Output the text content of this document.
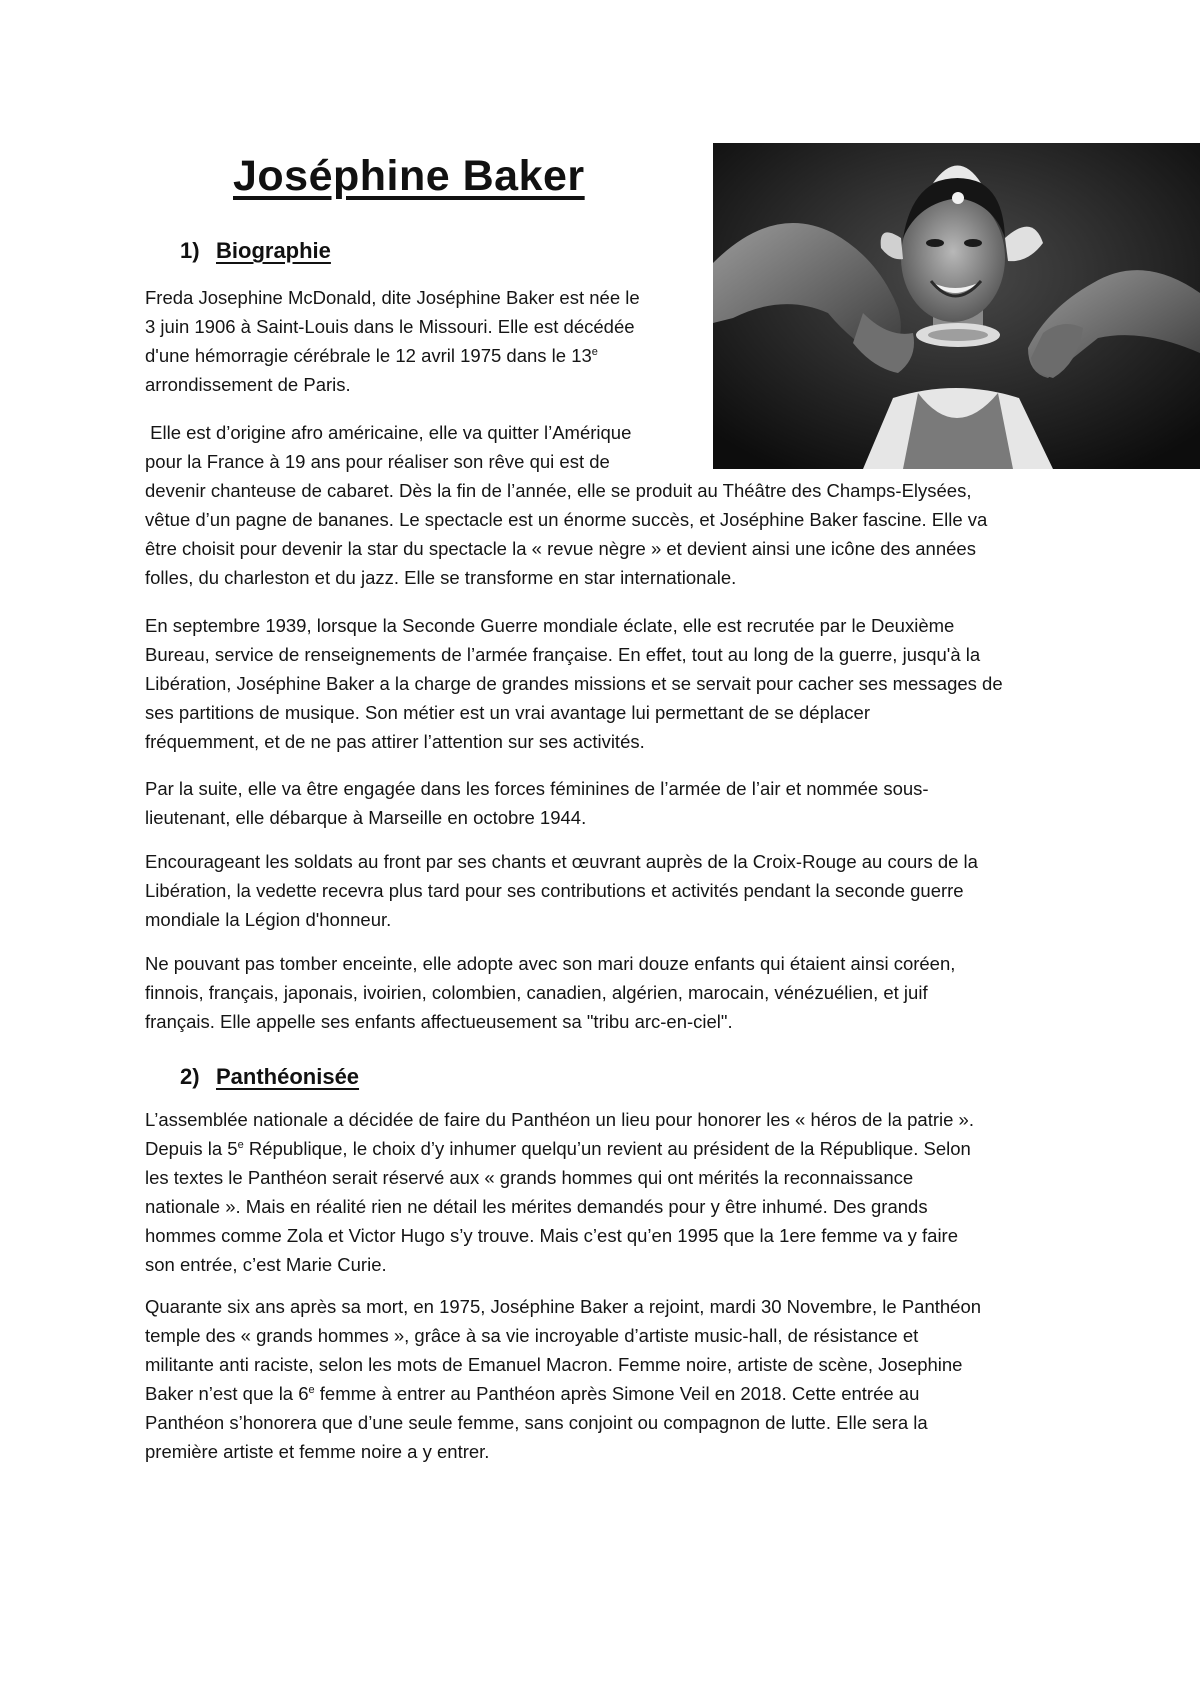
Joséphine Baker
1) Biographie

Freda Josephine McDonald, dite Joséphine Baker est née le
3 juin 1906 à Saint-Louis dans le Missouri. Elle est décédée
d'une hémorragie cérébrale le 12 avril 1975 dans le 13e
arrondissement de Paris.

Elle est d’origine afro américaine, elle va quitter l’Amérique
pour la France à 19 ans pour réaliser son rêve qui est de
devenir chanteuse de cabaret. Dès la fin de l’année, elle se produit au Théâtre des Champs-Elysées,
vêtue d’un pagne de bananes. Le spectacle est un énorme succès, et Joséphine Baker fascine. Elle va
être choisit pour devenir la star du spectacle la « revue nègre » et devient ainsi une icône des années
folles, du charleston et du jazz. Elle se transforme en star internationale.

En septembre 1939, lorsque la Seconde Guerre mondiale éclate, elle est recrutée par le Deuxième
Bureau, service de renseignements de l’armée française. En effet, tout au long de la guerre, jusqu'à la
Libération, Joséphine Baker a la charge de grandes missions et se servait pour cacher ses messages de
ses partitions de musique. Son métier est un vrai avantage lui permettant de se déplacer
fréquemment, et de ne pas attirer l’attention sur ses activités.

Par la suite, elle va être engagée dans les forces féminines de l’armée de l’air et nommée sous-
lieutenant, elle débarque à Marseille en octobre 1944.

Encourageant les soldats au front par ses chants et œuvrant auprès de la Croix-Rouge au cours de la
Libération, la vedette recevra plus tard pour ses contributions et activités pendant la seconde guerre
mondiale la Légion d'honneur.

Ne pouvant pas tomber enceinte, elle adopte avec son mari douze enfants qui étaient ainsi coréen,
finnois, français, japonais, ivoirien, colombien, canadien, algérien, marocain, vénézuélien, et juif
français. Elle appelle ses enfants affectueusement sa "tribu arc-en-ciel".

2) Panthéonisée

L’assemblée nationale a décidée de faire du Panthéon un lieu pour honorer les « héros de la patrie ».
Depuis la 5e République, le choix d’y inhumer quelqu’un revient au président de la République. Selon
les textes le Panthéon serait réservé aux « grands hommes qui ont mérités la reconnaissance
nationale ». Mais en réalité rien ne détail les mérites demandés pour y être inhumé. Des grands
hommes comme Zola et Victor Hugo s’y trouve. Mais c’est qu’en 1995 que la 1ere femme va y faire
son entrée, c’est Marie Curie.

Quarante six ans après sa mort, en 1975, Joséphine Baker a rejoint, mardi 30 Novembre, le Panthéon
temple des « grands hommes », grâce à sa vie incroyable d’artiste music-hall, de résistance et
militante anti raciste, selon les mots de Emanuel Macron. Femme noire, artiste de scène, Josephine
Baker n’est que la 6e femme à entrer au Panthéon après Simone Veil en 2018. Cette entrée au
Panthéon s’honorera que d’une seule femme, sans conjoint ou compagnon de lutte. Elle sera la
première artiste et femme noire a y entrer.
